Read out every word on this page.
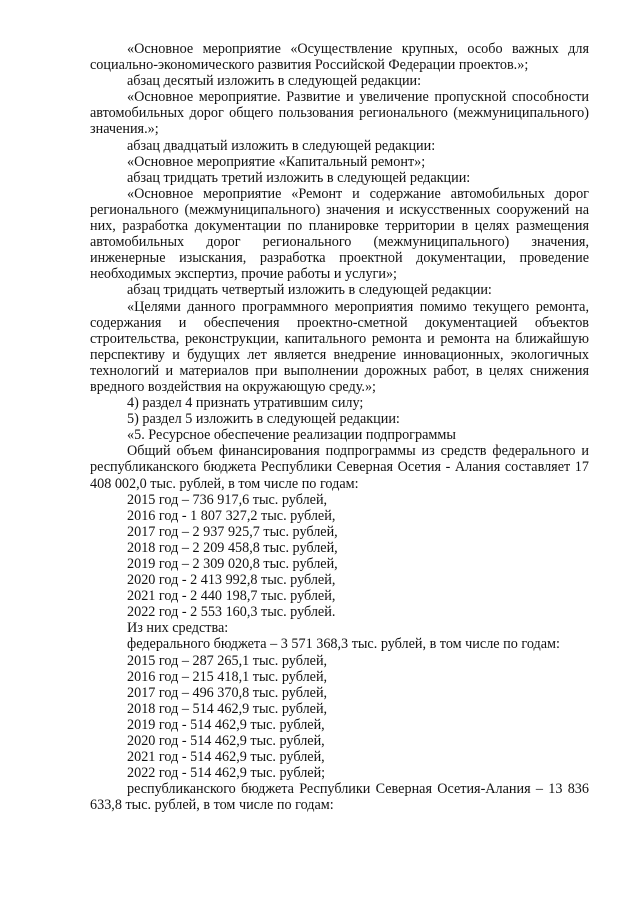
«Основное мероприятие «Осуществление крупных, особо важных для социально-экономического развития Российской Федерации проектов.»;

абзац десятый изложить в следующей редакции:

«Основное мероприятие. Развитие и увеличение пропускной способности автомобильных дорог общего пользования регионального (межмуниципального) значения.»;

абзац двадцатый изложить в следующей редакции:

«Основное мероприятие «Капитальный ремонт»;

абзац тридцать третий изложить в следующей редакции:

«Основное мероприятие «Ремонт и содержание автомобильных дорог регионального (межмуниципального) значения и искусственных сооружений на них, разработка документации по планировке территории в целях размещения автомобильных дорог регионального (межмуниципального) значения, инженерные изыскания, разработка проектной документации, проведение необходимых экспертиз, прочие работы и услуги»;

абзац тридцать четвертый изложить в следующей редакции:

«Целями данного программного мероприятия помимо текущего ремонта, содержания и обеспечения проектно-сметной документацией объектов строительства, реконструкции, капитального ремонта и ремонта на ближайшую перспективу и будущих лет является внедрение инновационных, экологичных технологий и материалов при выполнении дорожных работ, в целях снижения вредного воздействия на окружающую среду.»;

4) раздел 4 признать утратившим силу;

5) раздел 5 изложить в следующей редакции:

«5. Ресурсное обеспечение реализации подпрограммы

Общий объем финансирования подпрограммы из средств федерального и республиканского бюджета Республики Северная Осетия - Алания составляет 17 408 002,0 тыс. рублей, в том числе по годам:

2015 год – 736 917,6 тыс. рублей,

2016 год - 1 807 327,2 тыс. рублей,

2017 год – 2 937 925,7 тыс. рублей,

2018 год – 2 209 458,8 тыс. рублей,

2019 год – 2 309 020,8 тыс. рублей,

2020 год - 2 413 992,8 тыс. рублей,

2021 год - 2 440 198,7 тыс. рублей,

2022 год - 2 553 160,3 тыс. рублей.

Из них средства:

федерального бюджета – 3 571 368,3 тыс. рублей, в том числе по годам:

2015 год – 287 265,1 тыс. рублей,

2016 год – 215 418,1 тыс. рублей,

2017 год – 496 370,8 тыс. рублей,

2018 год – 514 462,9 тыс. рублей,

2019 год - 514 462,9 тыс. рублей,

2020 год - 514 462,9 тыс. рублей,

2021 год - 514 462,9 тыс. рублей,

2022 год - 514 462,9 тыс. рублей;

республиканского бюджета Республики Северная Осетия-Алания – 13 836 633,8 тыс. рублей, в том числе по годам:
